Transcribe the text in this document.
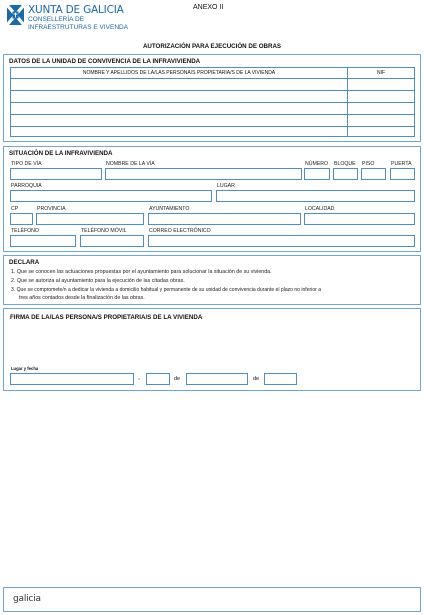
XUNTA DE GALICIA
CONSELLERÍA DE
INFRAESTRUTURAS E VIVENDA
ANEXO II
AUTORIZACIÓN PARA EJECUCIÓN DE OBRAS
DATOS DE LA UNIDAD DE CONVIVENCIA DE LA INFRAVIVIENDA
NOMBRE Y APELLIDOS DE LA/LAS PERSONA/S PROPIETARIA/S DE LA VIVIENDA	NIF
SITUACIÓN DE LA INFRAVIVIENDA
TIPO DE VÍA	NOMBRE DE LA VÍA	NÚMERO BLOQUE PISO	PUERTA
PARROQUIA	LUGAR
CP	PROVINCIA	AYUNTAMIENTO	LOCALIDAD
TELÉFONO	TELÉFONO MÓVIL	CORREO ELECTRÓNICO
DECLARA
1. Que se conocen las actuaciones propuestas por el ayuntamiento para solucionar la situación de su vivienda.
2. Que se autoriza al ayuntamiento para la ejecución de las citadas obras.
3. Que se compromete/n a dedicar la vivienda a domicilio habitual y permanente de su unidad de convivencia durante el plazo no inferior a
tres años contados desde la finalización de las obras.
FIRMA DE LA/LAS PERSONA/S PROPIETARIA/S DE LA VIVIENDA
Lugar y fecha
,	de	de
galicia
